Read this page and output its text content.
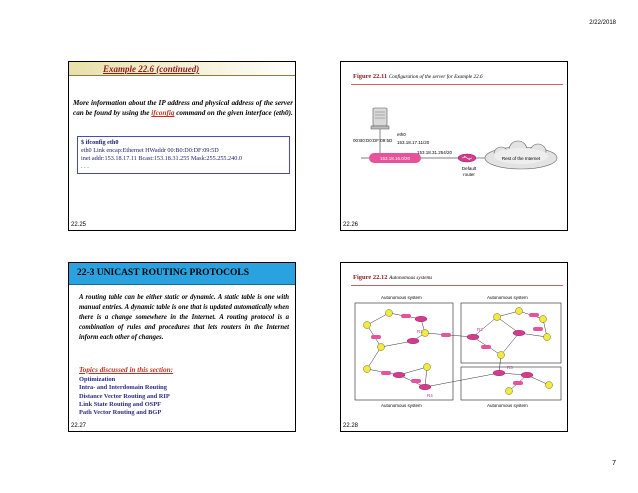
2/22/2018
Example 22.6 (continued)
More information about the IP address and physical address of the server can be found by using the ifconfig command on the given interface (eth0).
$ ifconfig eth0
eth0 Link encap:Ethernet HWaddr 00:B0:D0:DF:09:5D
inet addr:153.18.17.11 Bcast:153.18.31.255 Mask:255.255.240.0
. . .
22.25
Figure 22.11 Configuration of the server for Example 22.6
153.18.16.0/20
00:B0:D0:DF:09:5D
eth0
153.18.17.11/20
153.18.31.254/20
Default
router
Rest of the Internet
22.26
22-3 UNICAST ROUTING PROTOCOLS
A routing table can be either static or dynamic. A static table is one with manual entries. A dynamic table is one that is updated automatically when there is a change somewhere in the Internet. A routing protocol is a combination of rules and procedures that lets routers in the Internet inform each other of changes.
Topics discussed in this section:
Optimization
Intra- and Interdomain Routing
Distance Vector Routing and RIP
Link State Routing and OSPF
Path Vector Routing and BGP
22.27
Figure 22.12 Autonomous systems
Autonomous system	Autonomous system
Autonomous system	Autonomous system
R1	R2
R3
R4
22.28
7
